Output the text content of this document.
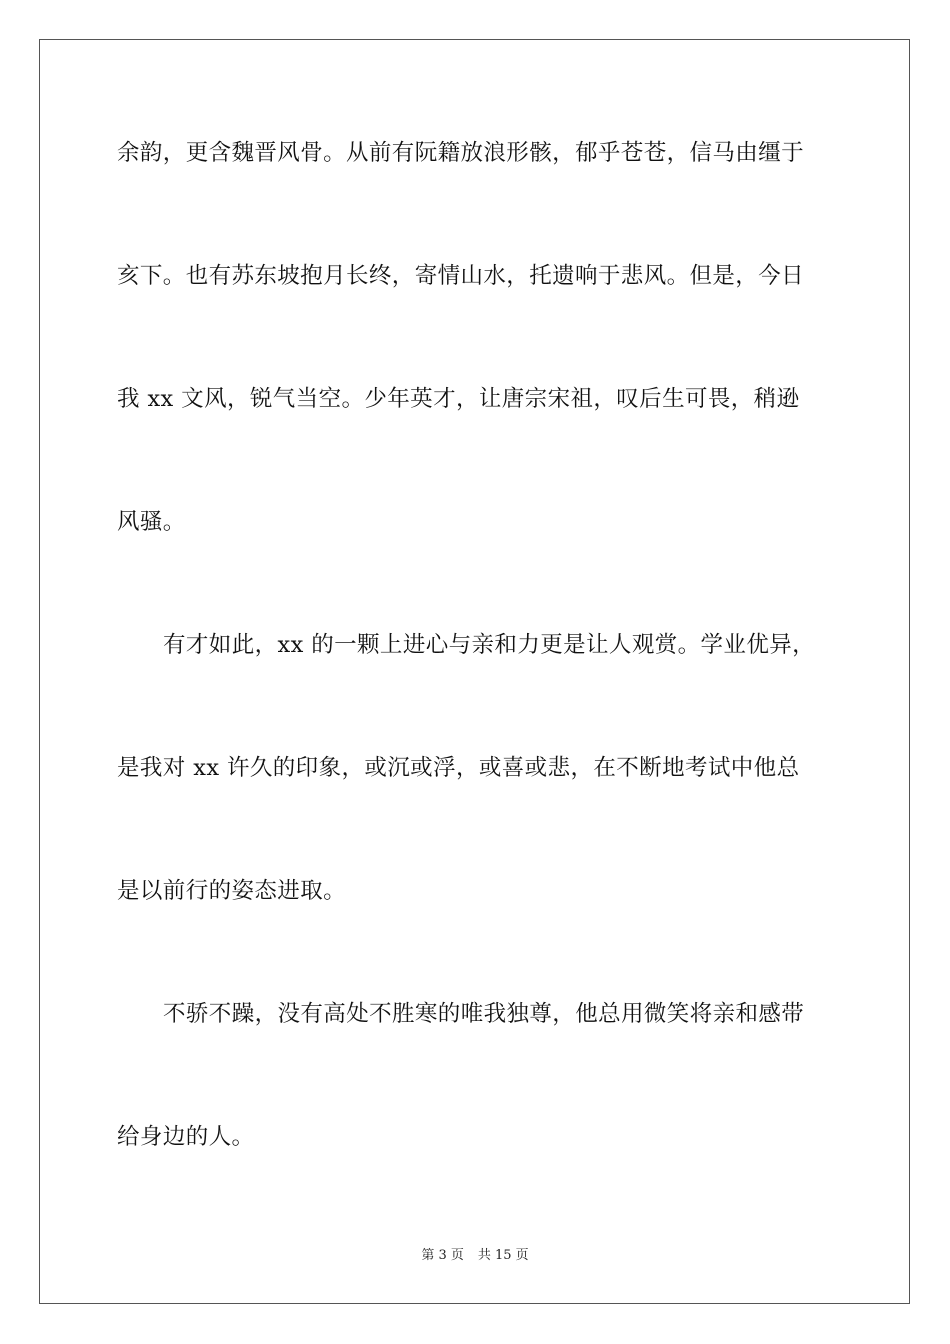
余韵，更含魏晋风骨。从前有阮籍放浪形骸，郁乎苍苍，信马由缰于
亥下。也有苏东坡抱月长终，寄情山水，托遗响于悲风。但是，今日
我 xx 文风，锐气当空。少年英才，让唐宗宋祖，叹后生可畏，稍逊
风骚。
有才如此，xx 的一颗上进心与亲和力更是让人观赏。学业优异，
是我对 xx 许久的印象，或沉或浮，或喜或悲，在不断地考试中他总
是以前行的姿态进取。
不骄不躁，没有高处不胜寒的唯我独尊，他总用微笑将亲和感带
给身边的人。
第 3 页 共 15 页
